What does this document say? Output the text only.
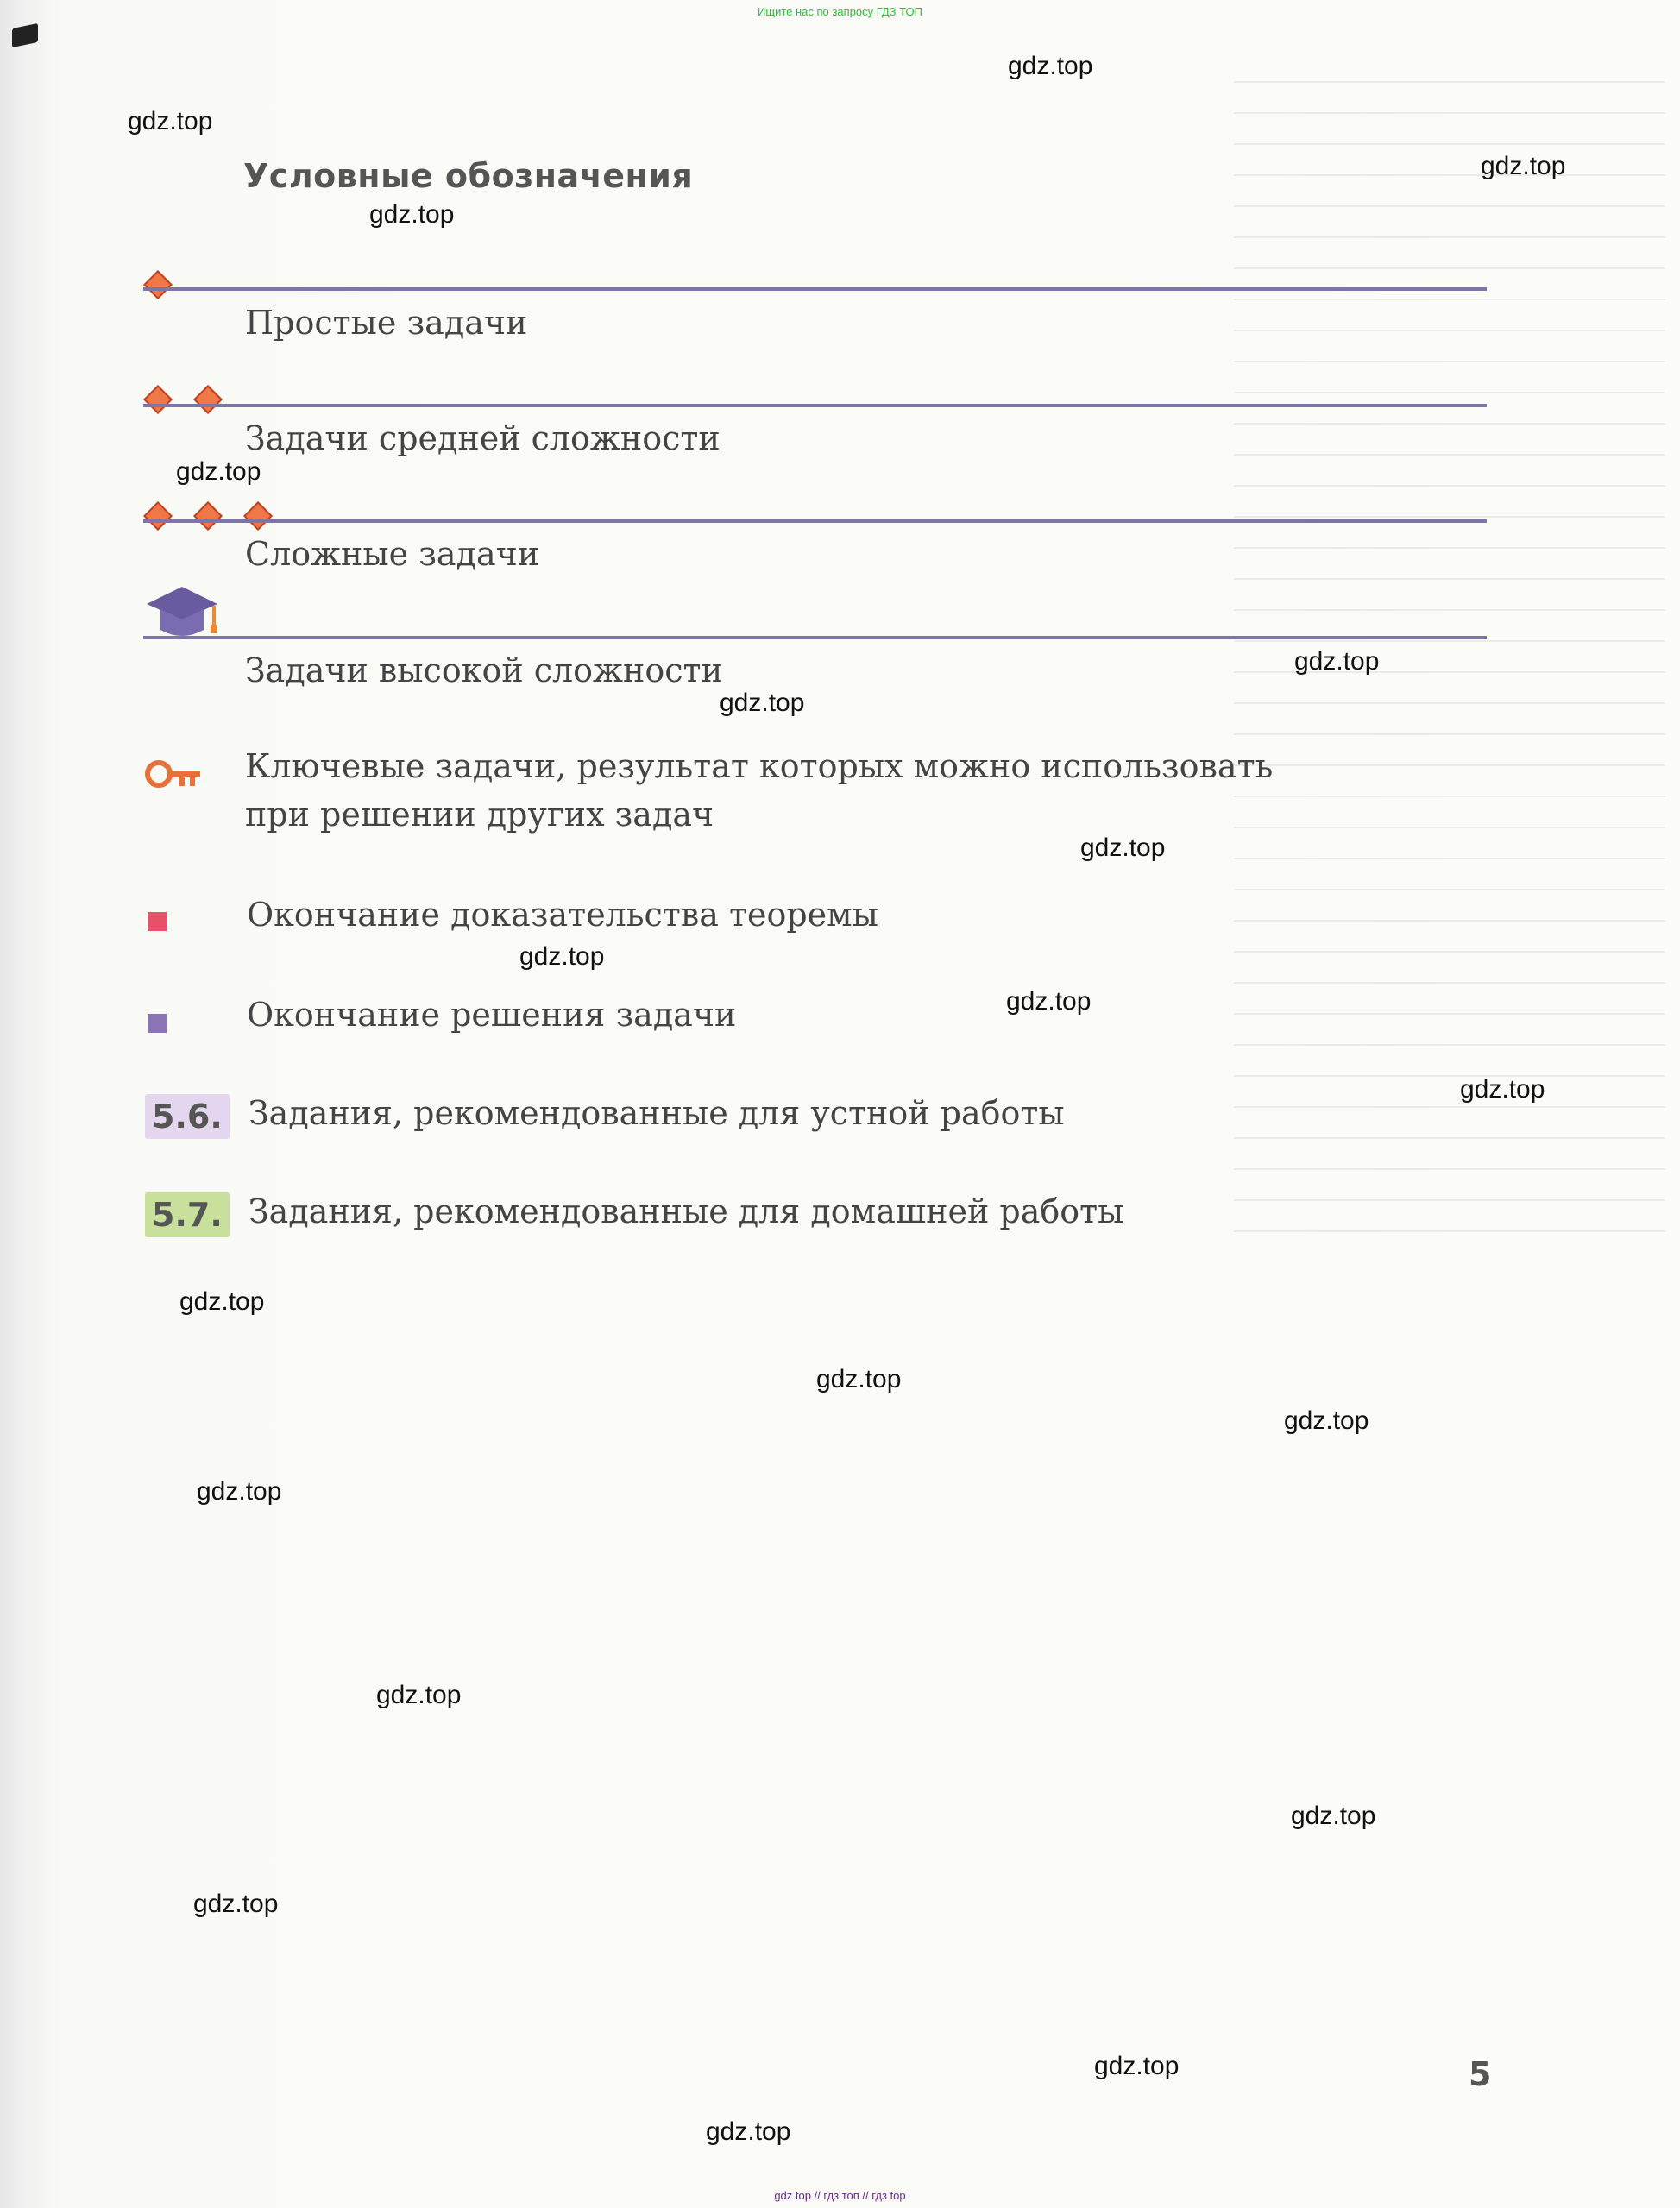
Ищите нас по запросу ГДЗ ТОП
Условные обозначения
Простые задачи
Задачи средней сложности
Сложные задачи
Задачи высокой сложности
Ключевые задачи, результат которых можно использовать
при решении других задач
Окончание доказательства теоремы
Окончание решения задачи
5.6. Задания, рекомендованные для устной работы
5.7. Задания, рекомендованные для домашней работы
5
gdz.top
gdz.top
gdz.top
gdz.top
gdz.top
gdz.top
gdz.top
gdz.top
gdz.top
gdz.top
gdz.top
gdz.top
gdz.top
gdz.top
gdz.top
gdz.top
gdz.top
gdz.top
gdz.top
gdz.top
gdz top // гдз топ // гдз top
